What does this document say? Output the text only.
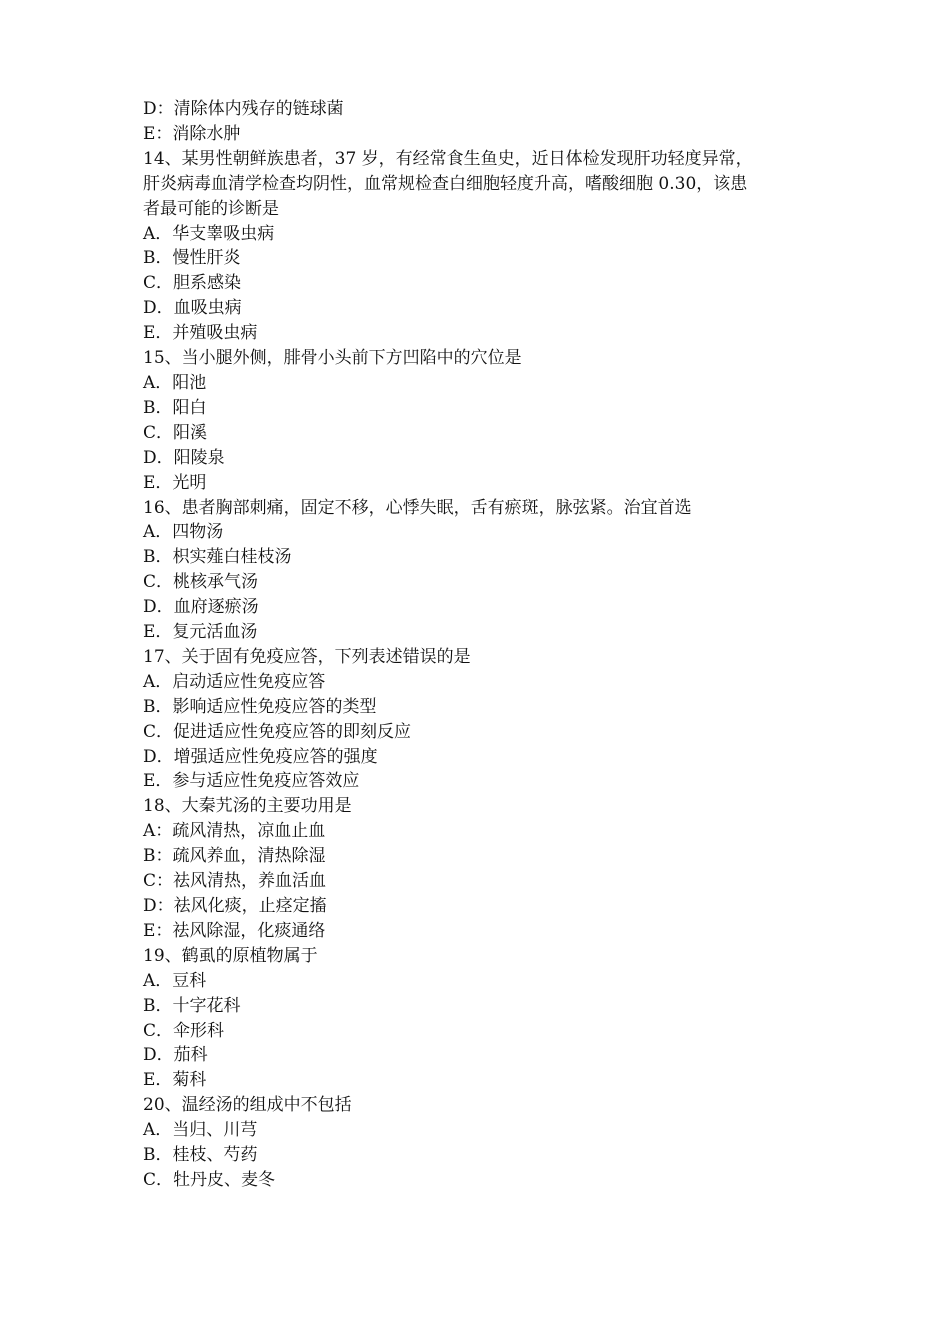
D：清除体内残存的链球菌
E：消除水肿
14、某男性朝鲜族患者，37 岁，有经常食生鱼史，近日体检发现肝功轻度异常，
肝炎病毒血清学检查均阴性，血常规检查白细胞轻度升高，嗜酸细胞 0.30，该患
者最可能的诊断是
A．华支睾吸虫病
B．慢性肝炎
C．胆系感染
D．血吸虫病
E．并殖吸虫病
15、当小腿外侧，腓骨小头前下方凹陷中的穴位是
A．阳池
B．阳白
C．阳溪
D．阳陵泉
E．光明
16、患者胸部刺痛，固定不移，心悸失眠，舌有瘀斑，脉弦紧。治宜首选
A．四物汤
B．枳实薤白桂枝汤
C．桃核承气汤
D．血府逐瘀汤
E．复元活血汤
17、关于固有免疫应答，下列表述错误的是
A．启动适应性免疫应答
B．影响适应性免疫应答的类型
C．促进适应性免疫应答的即刻反应
D．增强适应性免疫应答的强度
E．参与适应性免疫应答效应
18、大秦艽汤的主要功用是
A：疏风清热，凉血止血
B：疏风养血，清热除湿
C：祛风清热，养血活血
D：祛风化痰，止痉定搐
E：祛风除湿，化痰通络
19、鹤虱的原植物属于
A．豆科
B．十字花科
C．伞形科
D．茄科
E．菊科
20、温经汤的组成中不包括
A．当归、川芎
B．桂枝、芍药
C．牡丹皮、麦冬
